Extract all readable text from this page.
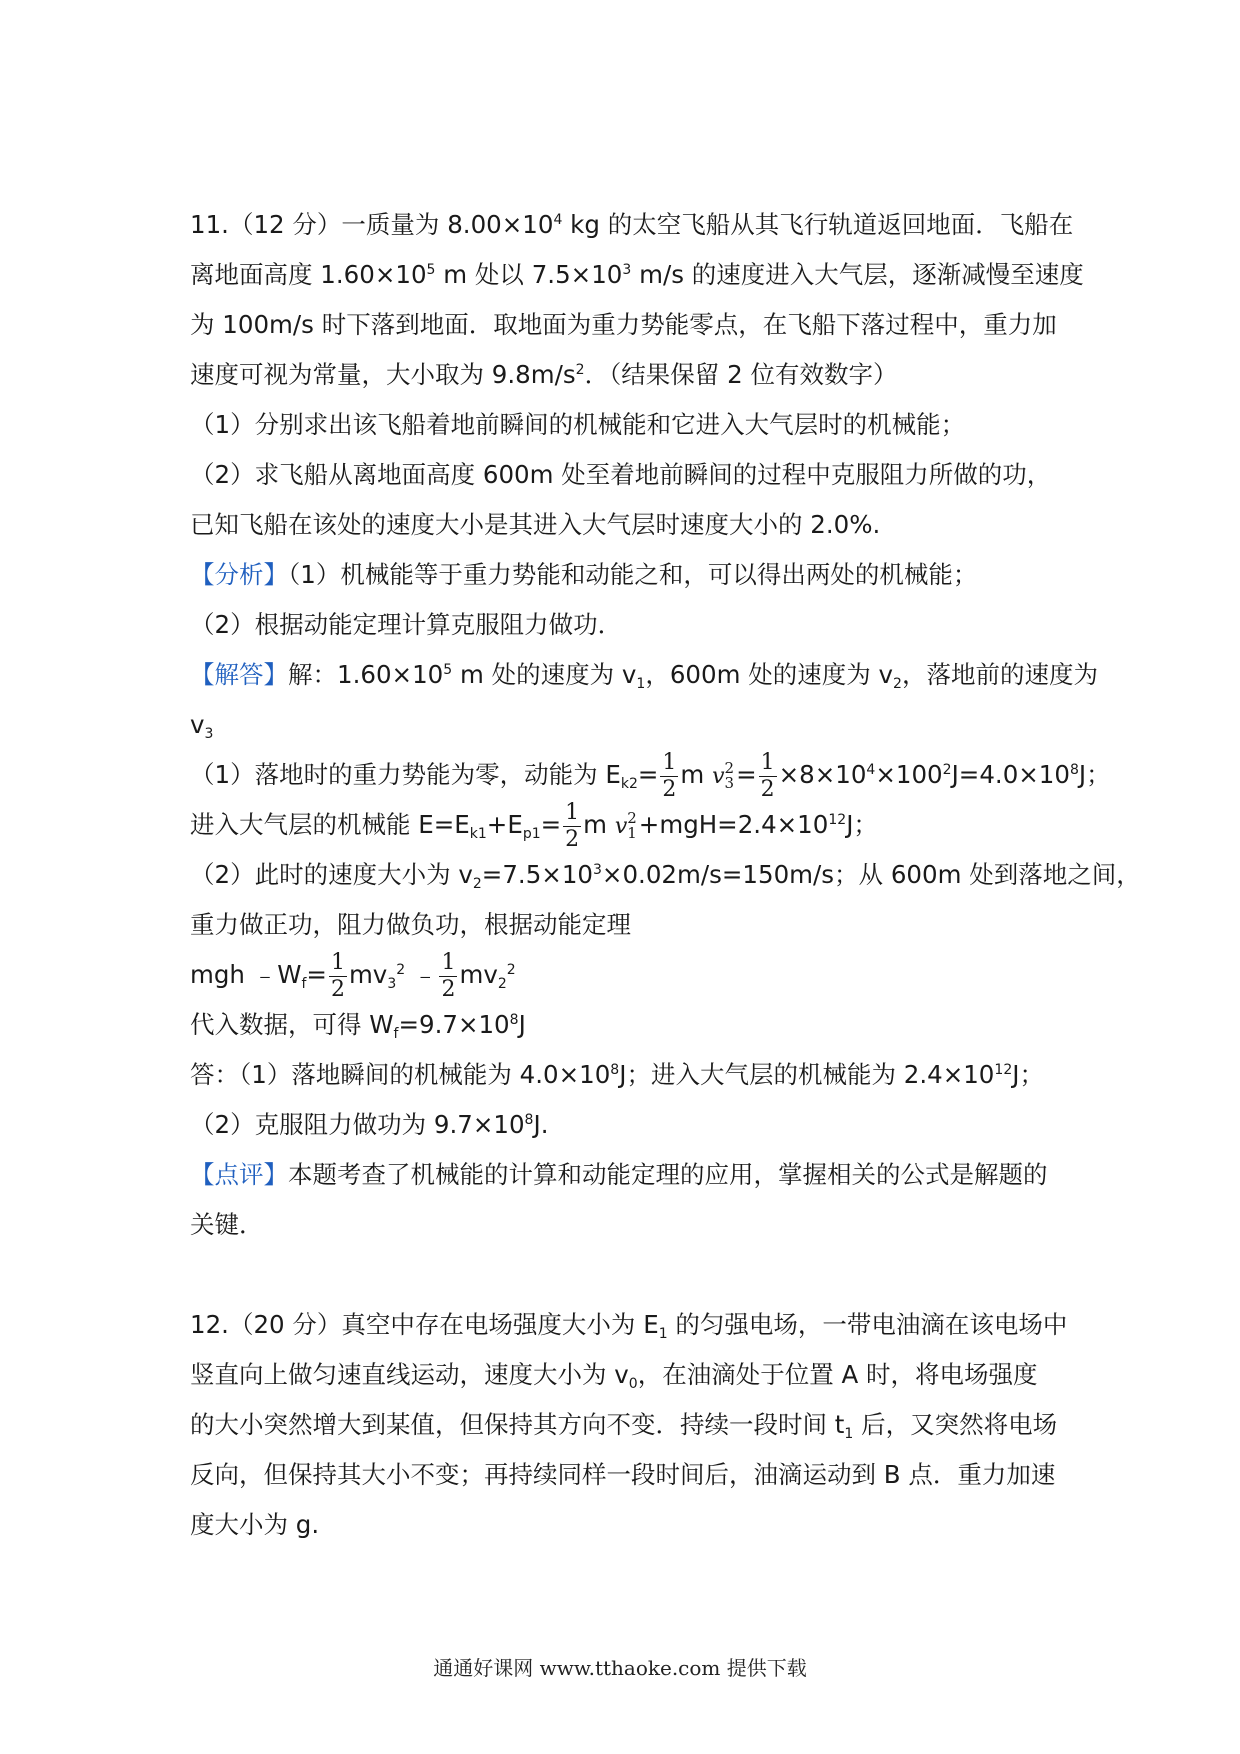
11.（12 分）一质量为 $8.00\times 10^4$ kg 的太空飞船从其飞行轨道返回地面．飞船在
离地面高度 $1.60\times 10^5$ m 处以 $7.5\times 10^3$ m/s 的速度进入大气层，逐渐减慢至速度
为 100m/s 时下落到地面．取地面为重力势能零点，在飞船下落过程中，重力加
速度可视为常量，大小取为 $9.8m/s^2$．（结果保留 2 位有效数字）
（1）分别求出该飞船着地前瞬间的机械能和它进入大气层时的机械能；
（2）求飞船从离地面高度 600m 处至着地前瞬间的过程中克服阻力所做的功，
已知飞船在该处的速度大小是其进入大气层时速度大小的 2.0%.
【分析】（1）机械能等于重力势能和动能之和，可以得出两处的机械能；
（2）根据动能定理计算克服阻力做功．
【解答】解：$1.60\times 10^5$ m 处的速度为 $v_1$，600m 处的速度为 $v_2$，落地前的速度为
$v_3$
（1）落地时的重力势能为零，动能为 $E_{k2}= \frac{1}{2}$ m v 2
$3 = \frac{1}{2} \times 8\times 10^4\times 100^2J=4.0\times 10^8J$；
进入大气层的机械能 $E=E_{k1}+E_{p1}= \frac{1}{2}$ m v 2
$1 +mgH=2.4\times 10^{12}J$；
（2）此时的速度大小为 $v_2=7.5\times 10^3\times 0.02m/s=150m/s$；从 600m 处到落地之间，
重力做正功，阻力做负功，根据动能定理
mgh $﹣W_f= \frac{1}{2} mv_3^2$ ﹣ $\frac{1}{2} mv_2^2$
代入数据，可得 $W_f=9.7\times 10^8J$
答：（1）落地瞬间的机械能为 $4.0\times 10^8J$；进入大气层的机械能为 $2.4\times 10^{12}J$；
（2）克服阻力做功为 $9.7\times 10^8J$.
【点评】本题考查了机械能的计算和动能定理的应用，掌握相关的公式是解题的
关键．
12.（20 分）真空中存在电场强度大小为 $E_1$ 的匀强电场，一带电油滴在该电场中
竖直向上做匀速直线运动，速度大小为 $v_0$，在油滴处于位置 A 时，将电场强度
的大小突然增大到某值，但保持其方向不变．持续一段时间 $t_1$ 后，又突然将电场
反向，但保持其大小不变；再持续同样一段时间后，油滴运动到 B 点．重力加速
度大小为 g.
通通好课网 www.tthaoke.com 提供下载
